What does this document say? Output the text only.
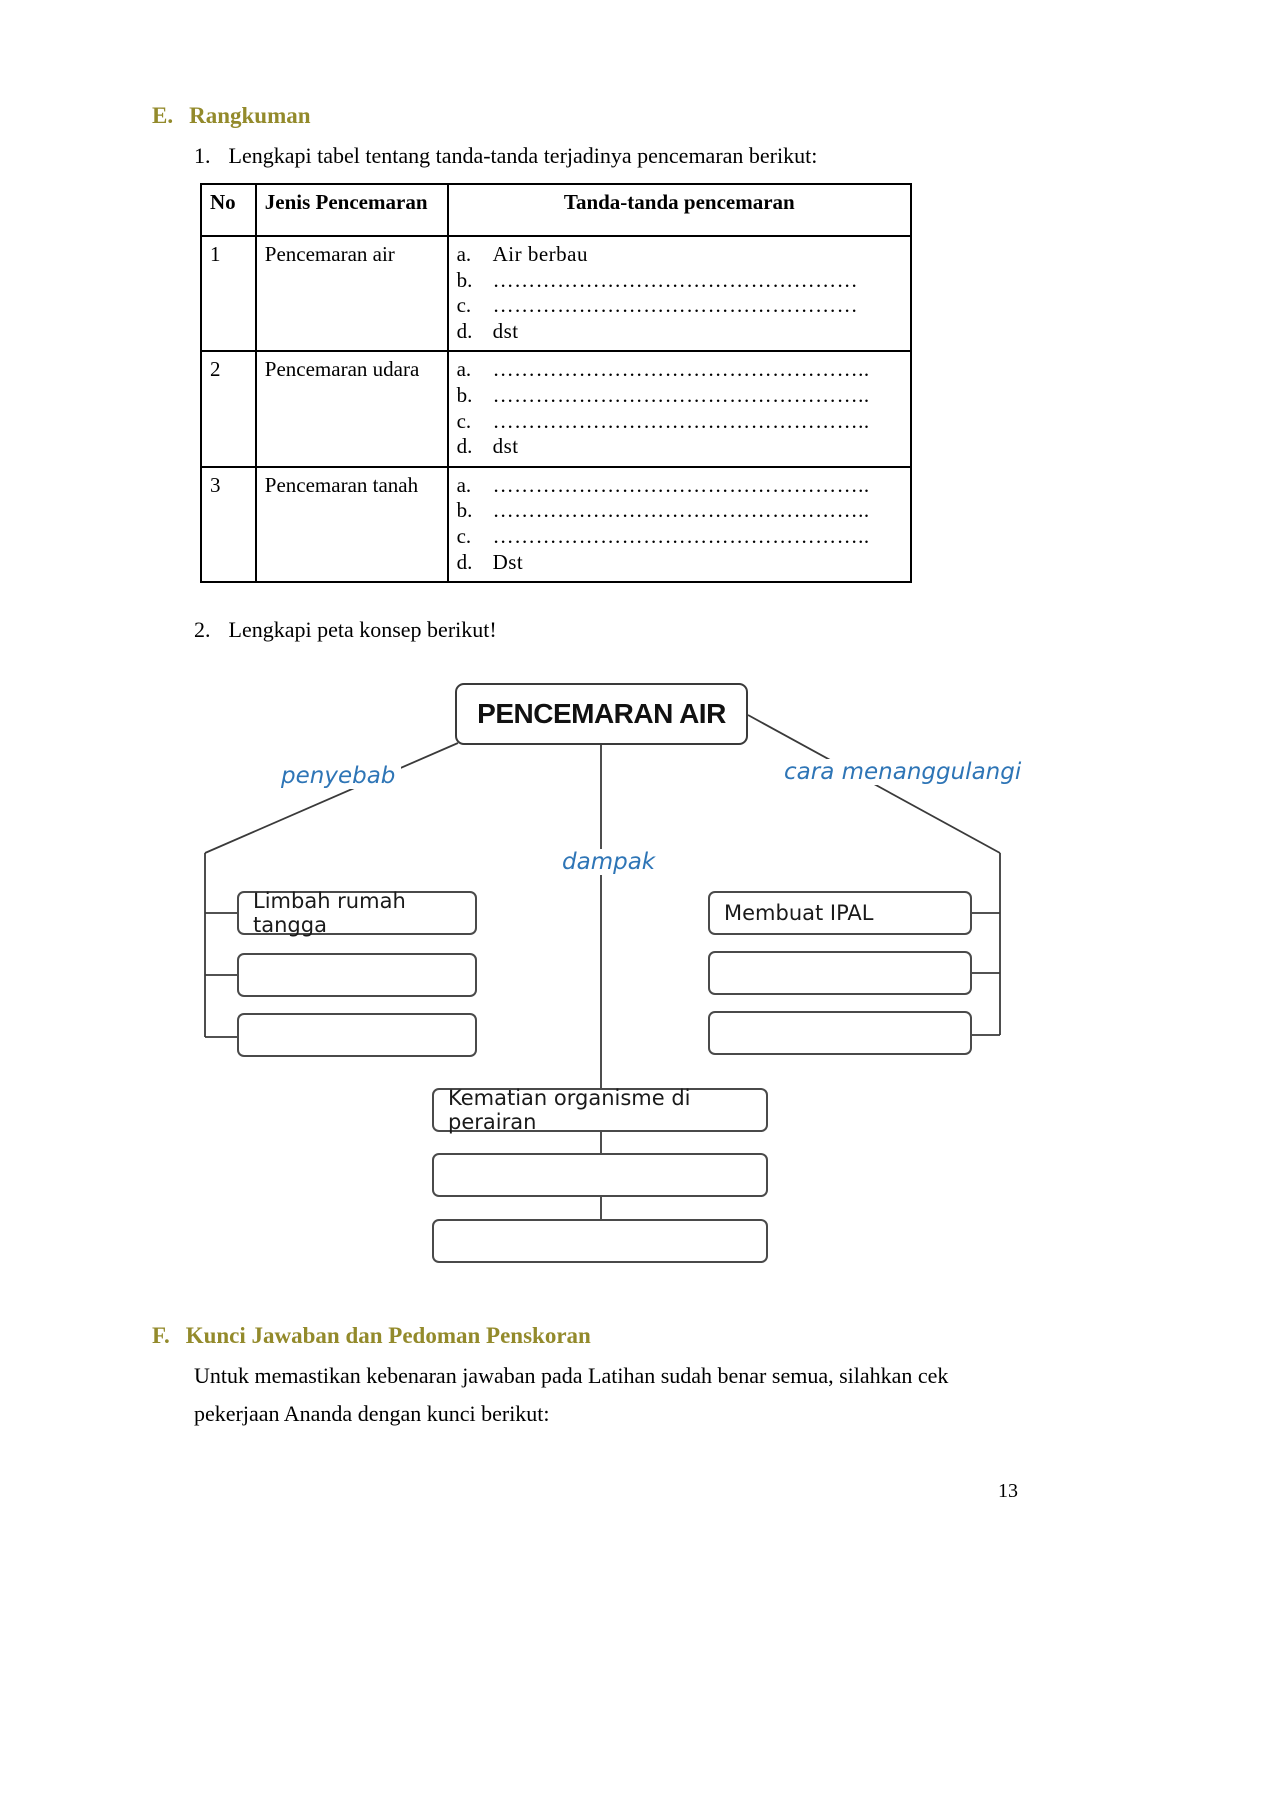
E. Rangkuman
1. Lengkapi tabel tentang tanda-tanda terjadinya pencemaran berikut:
No	Jenis Pencemaran	Tanda-tanda pencemaran
1	Pencemaran air	a.	Air berbau
b. ……………………………………………
c.	……………………………………………
d. dst

2	Pencemaran udara	a.	……………………………………………..
b. ……………………………………………..
c.	……………………………………………..
d. dst

3	Pencemaran tanah	a.	……………………………………………..
b. ……………………………………………..
c.	……………………………………………..
d. Dst
2. Lengkapi peta konsep berikut!
PENCEMARAN AIR
penyebab	cara menanggulangi
dampak
Limbah rumah tangga	Membuat IPAL
Kematian organisme di perairan
F. Kunci Jawaban dan Pedoman Penskoran

Untuk memastikan kebenaran jawaban pada Latihan sudah benar semua, silahkan cek pekerjaan Ananda dengan kunci berikut:

13
